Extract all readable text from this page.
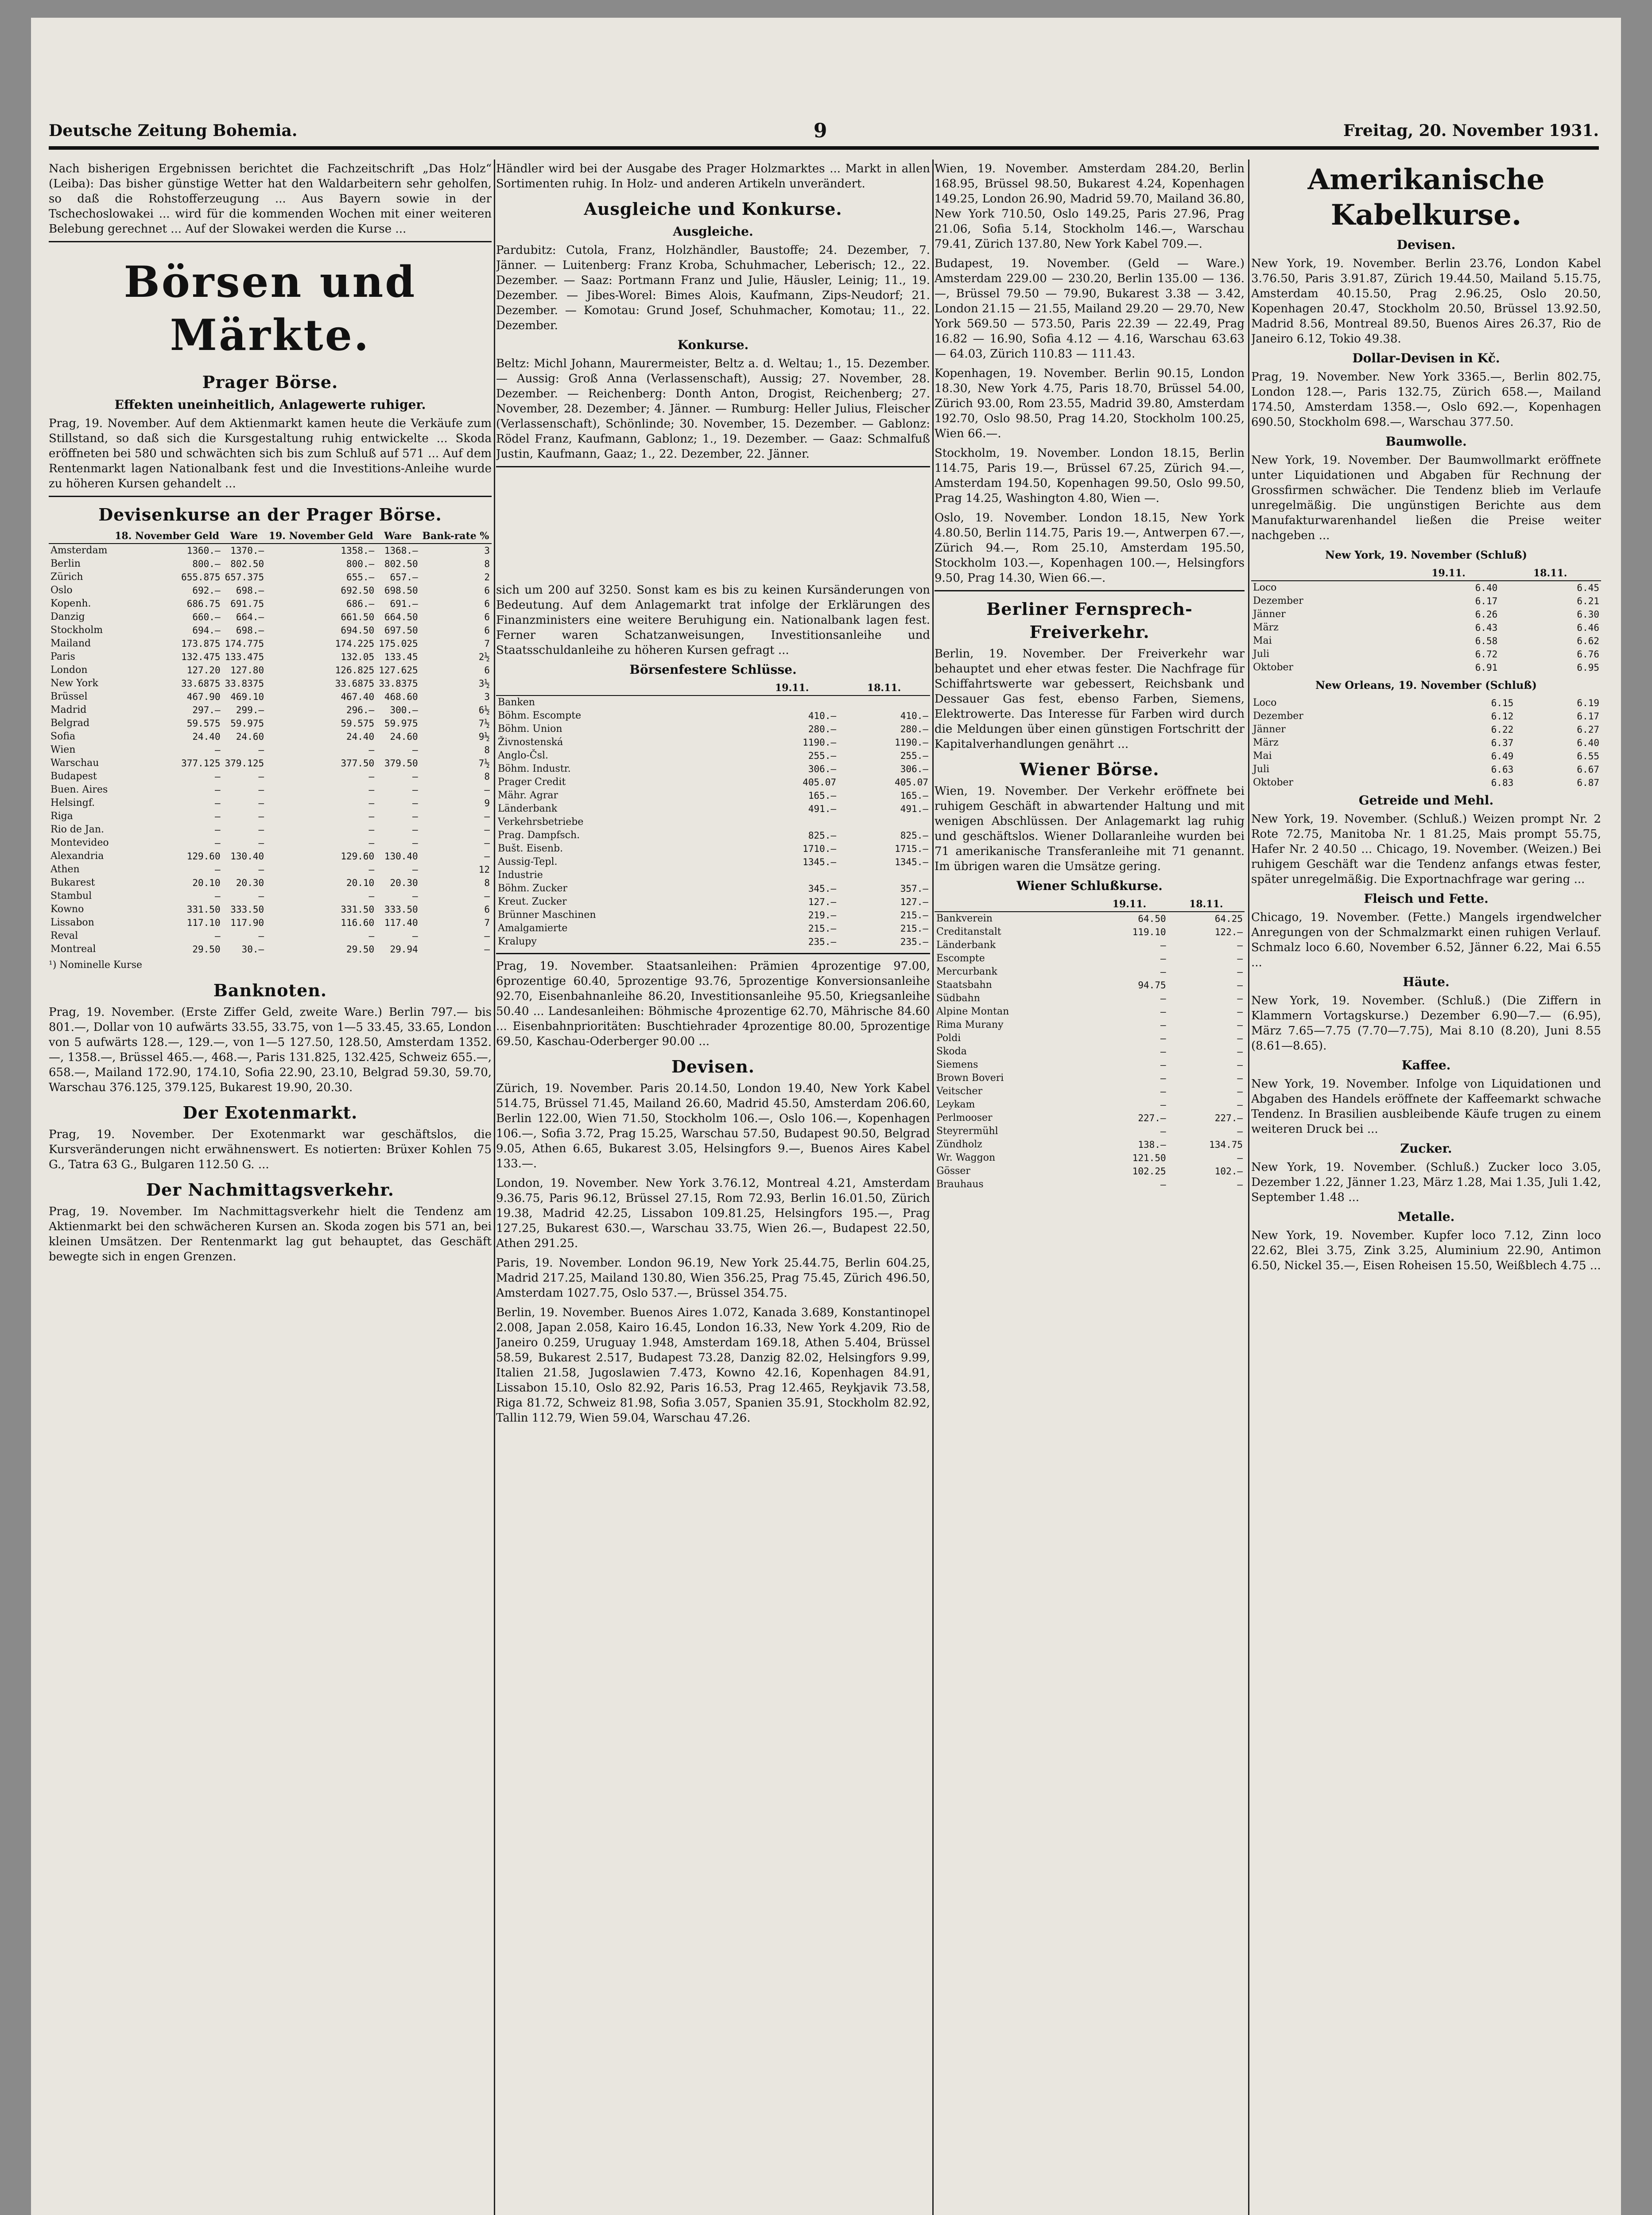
Deutsche Zeitung Bohemia.	9	Freitag, 20. November 1931.
Nach bisherigen Ergebnissen berichtet die Fachzeitschrift „Das Holz“ (Leiba): Das bisher günstige Wetter hat den Waldarbeitern sehr geholfen, so daß die Rohstofferzeugung ... Aus Bayern sowie in der Tschechoslowakei ... wird für die kommenden Wochen mit einer weiteren Belebung gerechnet ... Auf der Slowakei werden die Kurse ...
Börsen und Märkte.
Prager Börse.
Effekten uneinheitlich, Anlagewerte ruhiger.
Prag, 19. November. Auf dem Aktienmarkt kamen heute die Verkäufe zum Stillstand, so daß sich die Kursgestaltung ruhig entwickelte ... Skoda eröffneten bei 580 und schwächten sich bis zum Schluß auf 571 ... Auf dem Rentenmarkt lagen Nationalbank fest und die Investitions-Anleihe wurde zu höheren Kursen gehandelt ...
Devisenkurse an der Prager Börse.
	18. November Geld	Ware	19. November Geld	Ware	Bank-rate %
Amsterdam	1360.—	1370.—	1358.—	1368.—	3
Berlin	800.—	802.50	800.—	802.50	8
Zürich	655.875	657.375	655.—	657.—	2
Oslo	692.—	698.—	692.50	698.50	6
Kopenh.	686.75	691.75	686.—	691.—	6
Danzig	660.—	664.—	661.50	664.50	6
Stockholm	694.—	698.—	694.50	697.50	6
Mailand	173.875	174.775	174.225	175.025	7
Paris	132.475	133.475	132.05	133.45	2½
London	127.20	127.80	126.825	127.625	6
New York	33.6875	33.8375	33.6875	33.8375	3½
Brüssel	467.90	469.10	467.40	468.60	3
Madrid	297.—	299.—	296.—	300.—	6½
Belgrad	59.575	59.975	59.575	59.975	7½
Sofia	24.40	24.60	24.40	24.60	9½
Wien	—	—	—	—	8
Warschau	377.125	379.125	377.50	379.50	7½
Budapest	—	—	—	—	8
Buen. Aires	—	—	—	—	—
Helsingf.	—	—	—	—	9
Riga	—	—	—	—	—
Rio de Jan.	—	—	—	—	—
Montevideo	—	—	—	—	—
Alexandria	129.60	130.40	129.60	130.40	—
Athen	—	—	—	—	12
Bukarest	20.10	20.30	20.10	20.30	8
Stambul	—	—	—	—	—
Kowno	331.50	333.50	331.50	333.50	6
Lissabon	117.10	117.90	116.60	117.40	7
Reval	—	—	—	—	—
Montreal	29.50	30.—	29.50	29.94	—
¹) Nominelle Kurse
Banknoten.
Prag, 19. November. (Erste Ziffer Geld, zweite Ware.) Berlin 797.— bis 801.—, Dollar von 10 aufwärts 33.55, 33.75, von 1—5 33.45, 33.65, London von 5 aufwärts 128.—, 129.—, von 1—5 127.50, 128.50, Amsterdam 1352.—, 1358.—, Brüssel 465.—, 468.—, Paris 131.825, 132.425, Schweiz 655.—, 658.—, Mailand 172.90, 174.10, Sofia 22.90, 23.10, Belgrad 59.30, 59.70, Warschau 376.125, 379.125, Bukarest 19.90, 20.30.
Der Exotenmarkt.
Prag, 19. November. Der Exotenmarkt war geschäftslos, die Kursveränderungen nicht erwähnenswert. Es notierten: Brüxer Kohlen 75 G., Tatra 63 G., Bulgaren 112.50 G. ...
Der Nachmittagsverkehr.
Prag, 19. November. Im Nachmittagsverkehr hielt die Tendenz am Aktienmarkt bei den schwächeren Kursen an. Skoda zogen bis 571 an, bei kleinen Umsätzen. Der Rentenmarkt lag gut behauptet, das Geschäft bewegte sich in engen Grenzen.
Händler wird bei der Ausgabe des Prager Holzmarktes ... Markt in allen Sortimenten ruhig. In Holz- und anderen Artikeln unverändert.
Ausgleiche und Konkurse.
Ausgleiche.
Pardubitz: Cutola, Franz, Holzhändler, Baustoffe; 24. Dezember, 7. Jänner. — Luitenberg: Franz Kroba, Schuhmacher, Leberisch; 12., 22. Dezember. — Saaz: Portmann Franz und Julie, Häusler, Leinig; 11., 19. Dezember. — Jibes-Worel: Bimes Alois, Kaufmann, Zips-Neudorf; 21. Dezember. — Komotau: Grund Josef, Schuhmacher, Komotau; 11., 22. Dezember.
Konkurse.
Beltz: Michl Johann, Maurermeister, Beltz a. d. Weltau; 1., 15. Dezember. — Aussig: Groß Anna (Verlassenschaft), Aussig; 27. November, 28. Dezember. — Reichenberg: Donth Anton, Drogist, Reichenberg; 27. November, 28. Dezember; 4. Jänner. — Rumburg: Heller Julius, Fleischer (Verlassenschaft), Schönlinde; 30. November, 15. Dezember. — Gablonz: Rödel Franz, Kaufmann, Gablonz; 1., 19. Dezember. — Gaaz: Schmalfuß Justin, Kaufmann, Gaaz; 1., 22. Dezember, 22. Jänner.
sich um 200 auf 3250. Sonst kam es bis zu keinen Kursänderungen von Bedeutung. Auf dem Anlagemarkt trat infolge der Erklärungen des Finanzministers eine weitere Beruhigung ein. Nationalbank lagen fest. Ferner waren Schatzanweisungen, Investitionsanleihe und Staatsschuldanleihe zu höheren Kursen gefragt ...
Börsenfestere Schlüsse.
	19.11.	18.11.
Banken		
Böhm. Escompte	410.—	410.—
Böhm. Union	280.—	280.—
Živnostenská	1190.—	1190.—
Anglo-Čsl.	255.—	255.—
Böhm. Industr.	306.—	306.—
Prager Credit	405.07	405.07
Mähr. Agrar	165.—	165.—
Länderbank	491.—	491.—
Verkehrsbetriebe		
Prag. Dampfsch.	825.—	825.—
Bušt. Eisenb.	1710.—	1715.—
Aussig-Tepl.	1345.—	1345.—
Industrie		
Böhm. Zucker	345.—	357.—
Kreut. Zucker	127.—	127.—
Brünner Maschinen	219.—	215.—
Amalgamierte	215.—	215.—
Kralupy	235.—	235.—
Prag, 19. November. Staatsanleihen: Prämien 4prozentige 97.00, 6prozentige 60.40, 5prozentige 93.76, 5prozentige Konversionsanleihe 92.70, Eisenbahnanleihe 86.20, Investitionsanleihe 95.50, Kriegsanleihe 50.40 ... Landesanleihen: Böhmische 4prozentige 62.70, Mährische 84.60 ... Eisenbahnprioritäten: Buschtiehrader 4prozentige 80.00, 5prozentige 69.50, Kaschau-Oderberger 90.00 ...
Devisen.
Zürich, 19. November. Paris 20.14.50, London 19.40, New York Kabel 514.75, Brüssel 71.45, Mailand 26.60, Madrid 45.50, Amsterdam 206.60, Berlin 122.00, Wien 71.50, Stockholm 106.—, Oslo 106.—, Kopenhagen 106.—, Sofia 3.72, Prag 15.25, Warschau 57.50, Budapest 90.50, Belgrad 9.05, Athen 6.65, Bukarest 3.05, Helsingfors 9.—, Buenos Aires Kabel 133.—.
London, 19. November. New York 3.76.12, Montreal 4.21, Amsterdam 9.36.75, Paris 96.12, Brüssel 27.15, Rom 72.93, Berlin 16.01.50, Zürich 19.38, Madrid 42.25, Lissabon 109.81.25, Helsingfors 195.—, Prag 127.25, Bukarest 630.—, Warschau 33.75, Wien 26.—, Budapest 22.50, Athen 291.25.
Paris, 19. November. London 96.19, New York 25.44.75, Berlin 604.25, Madrid 217.25, Mailand 130.80, Wien 356.25, Prag 75.45, Zürich 496.50, Amsterdam 1027.75, Oslo 537.—, Brüssel 354.75.
Berlin, 19. November. Buenos Aires 1.072, Kanada 3.689, Konstantinopel 2.008, Japan 2.058, Kairo 16.45, London 16.33, New York 4.209, Rio de Janeiro 0.259, Uruguay 1.948, Amsterdam 169.18, Athen 5.404, Brüssel 58.59, Bukarest 2.517, Budapest 73.28, Danzig 82.02, Helsingfors 9.99, Italien 21.58, Jugoslawien 7.473, Kowno 42.16, Kopenhagen 84.91, Lissabon 15.10, Oslo 82.92, Paris 16.53, Prag 12.465, Reykjavik 73.58, Riga 81.72, Schweiz 81.98, Sofia 3.057, Spanien 35.91, Stockholm 82.92, Tallin 112.79, Wien 59.04, Warschau 47.26.
Wien, 19. November. Amsterdam 284.20, Berlin 168.95, Brüssel 98.50, Bukarest 4.24, Kopenhagen 149.25, London 26.90, Madrid 59.70, Mailand 36.80, New York 710.50, Oslo 149.25, Paris 27.96, Prag 21.06, Sofia 5.14, Stockholm 146.—, Warschau 79.41, Zürich 137.80, New York Kabel 709.—.
Budapest, 19. November. (Geld — Ware.) Amsterdam 229.00 — 230.20, Berlin 135.00 — 136.—, Brüssel 79.50 — 79.90, Bukarest 3.38 — 3.42, London 21.15 — 21.55, Mailand 29.20 — 29.70, New York 569.50 — 573.50, Paris 22.39 — 22.49, Prag 16.82 — 16.90, Sofia 4.12 — 4.16, Warschau 63.63 — 64.03, Zürich 110.83 — 111.43.
Kopenhagen, 19. November. Berlin 90.15, London 18.30, New York 4.75, Paris 18.70, Brüssel 54.00, Zürich 93.00, Rom 23.55, Madrid 39.80, Amsterdam 192.70, Oslo 98.50, Prag 14.20, Stockholm 100.25, Wien 66.—.
Stockholm, 19. November. London 18.15, Berlin 114.75, Paris 19.—, Brüssel 67.25, Zürich 94.—, Amsterdam 194.50, Kopenhagen 99.50, Oslo 99.50, Prag 14.25, Washington 4.80, Wien —.
Oslo, 19. November. London 18.15, New York 4.80.50, Berlin 114.75, Paris 19.—, Antwerpen 67.—, Zürich 94.—, Rom 25.10, Amsterdam 195.50, Stockholm 103.—, Kopenhagen 100.—, Helsingfors 9.50, Prag 14.30, Wien 66.—.
Berliner Fernsprech-Freiverkehr.
Berlin, 19. November. Der Freiverkehr war behauptet und eher etwas fester. Die Nachfrage für Schiffahrtswerte war gebessert, Reichsbank und Dessauer Gas fest, ebenso Farben, Siemens, Elektrowerte. Das Interesse für Farben wird durch die Meldungen über einen günstigen Fortschritt der Kapitalverhandlungen genährt ...
Wiener Börse.
Wien, 19. November. Der Verkehr eröffnete bei ruhigem Geschäft in abwartender Haltung und mit wenigen Abschlüssen. Der Anlagemarkt lag ruhig und geschäftslos. Wiener Dollaranleihe wurden bei 71 amerikanische Transferanleihe mit 71 genannt. Im übrigen waren die Umsätze gering.
Wiener Schlußkurse.
	19.11.	18.11.
Bankverein	64.50	64.25
Creditanstalt	119.10	122.—
Länderbank	—	—
Escompte	—	—
Mercurbank	—	—
Staatsbahn	94.75	—
Südbahn	—	—
Alpine Montan	—	—
Rima Murany	—	—
Poldi	—	—
Skoda	—	—
Siemens	—	—
Brown Boveri	—	—
Veitscher	—	—
Leykam	—	—
Perlmooser	227.—	227.—
Steyrermühl	—	—
Zündholz	138.—	134.75
Wr. Waggon	121.50	—
Gösser	102.25	102.—
Brauhaus	—	—
Amerikanische Kabelkurse.
Devisen.
New York, 19. November. Berlin 23.76, London Kabel 3.76.50, Paris 3.91.87, Zürich 19.44.50, Mailand 5.15.75, Amsterdam 40.15.50, Prag 2.96.25, Oslo 20.50, Kopenhagen 20.47, Stockholm 20.50, Brüssel 13.92.50, Madrid 8.56, Montreal 89.50, Buenos Aires 26.37, Rio de Janeiro 6.12, Tokio 49.38.
Dollar-Devisen in Kč.
Prag, 19. November. New York 3365.—, Berlin 802.75, London 128.—, Paris 132.75, Zürich 658.—, Mailand 174.50, Amsterdam 1358.—, Oslo 692.—, Kopenhagen 690.50, Stockholm 698.—, Warschau 377.50.
Baumwolle.
New York, 19. November. Der Baumwollmarkt eröffnete unter Liquidationen und Abgaben für Rechnung der Grossfirmen schwächer. Die Tendenz blieb im Verlaufe unregelmäßig. Die ungünstigen Berichte aus dem Manufakturwarenhandel ließen die Preise weiter nachgeben ...
New York, 19. November (Schluß)
	19.11.	18.11.
Loco	6.40	6.45
Dezember	6.17	6.21
Jänner	6.26	6.30
März	6.43	6.46
Mai	6.58	6.62
Juli	6.72	6.76
Oktober	6.91	6.95
New Orleans, 19. November (Schluß)
Loco	6.15	6.19
Dezember	6.12	6.17
Jänner	6.22	6.27
März	6.37	6.40
Mai	6.49	6.55
Juli	6.63	6.67
Oktober	6.83	6.87
Getreide und Mehl.
New York, 19. November. (Schluß.) Weizen prompt Nr. 2 Rote 72.75, Manitoba Nr. 1 81.25, Mais prompt 55.75, Hafer Nr. 2 40.50 ... Chicago, 19. November. (Weizen.) Bei ruhigem Geschäft war die Tendenz anfangs etwas fester, später unregelmäßig. Die Exportnachfrage war gering ...
Fleisch und Fette.
Chicago, 19. November. (Fette.) Mangels irgendwelcher Anregungen von der Schmalzmarkt einen ruhigen Verlauf. Schmalz loco 6.60, November 6.52, Jänner 6.22, Mai 6.55 ...
Häute.
New York, 19. November. (Schluß.) (Die Ziffern in Klammern Vortagskurse.) Dezember 6.90—7.— (6.95), März 7.65—7.75 (7.70—7.75), Mai 8.10 (8.20), Juni 8.55 (8.61—8.65).
Kaffee.
New York, 19. November. Infolge von Liquidationen und Abgaben des Handels eröffnete der Kaffeemarkt schwache Tendenz. In Brasilien ausbleibende Käufe trugen zu einem weiteren Druck bei ...
Zucker.
New York, 19. November. (Schluß.) Zucker loco 3.05, Dezember 1.22, Jänner 1.23, März 1.28, Mai 1.35, Juli 1.42, September 1.48 ...
Metalle.
New York, 19. November. Kupfer loco 7.12, Zinn loco 22.62, Blei 3.75, Zink 3.25, Aluminium 22.90, Antimon 6.50, Nickel 35.—, Eisen Roheisen 15.50, Weißblech 4.75 ...
